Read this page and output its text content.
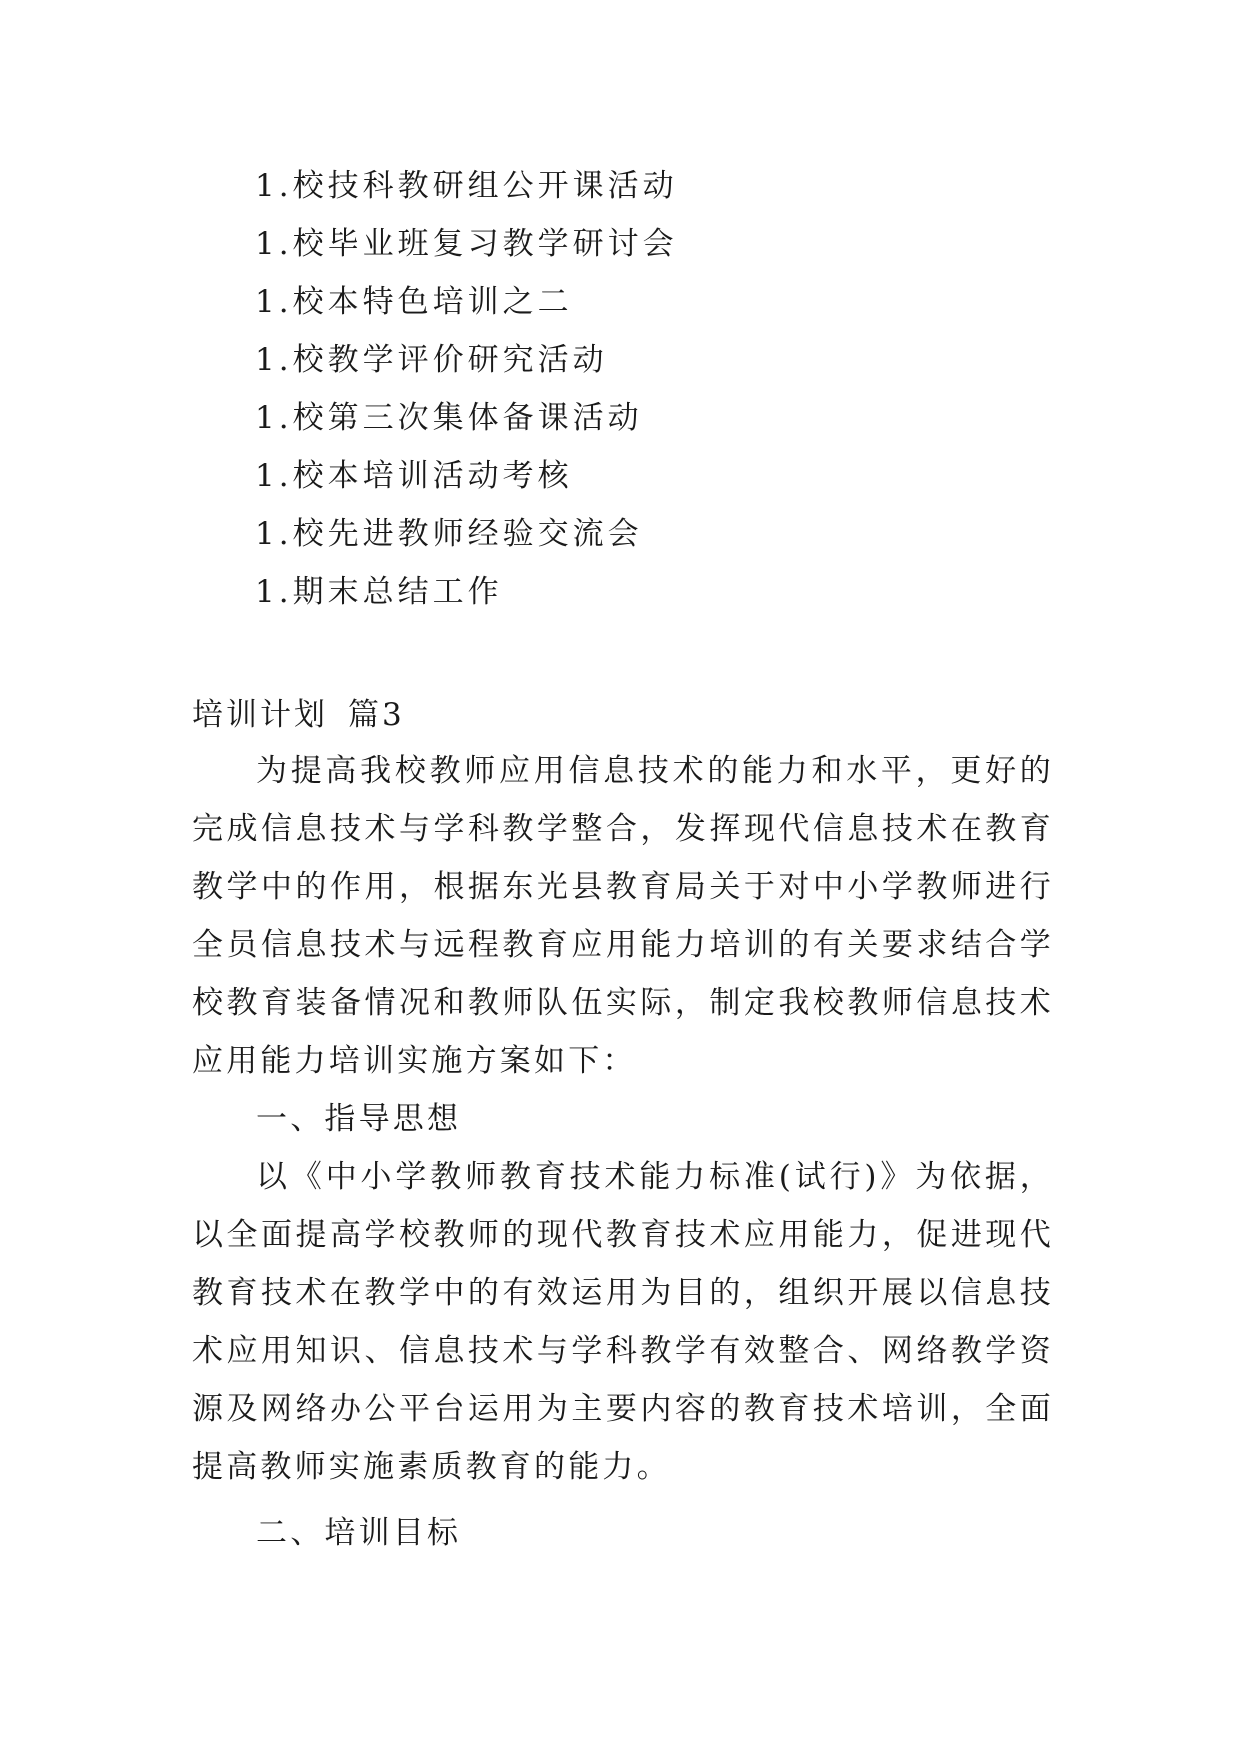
1.校技科教研组公开课活动
1.校毕业班复习教学研讨会
1.校本特色培训之二
1.校教学评价研究活动
1.校第三次集体备课活动
1.校本培训活动考核
1.校先进教师经验交流会
1.期末总结工作
培训计划 篇3

为提高我校教师应用信息技术的能力和水平，更好的完成信息技术与学科教学整合，发挥现代信息技术在教育教学中的作用，根据东光县教育局关于对中小学教师进行全员信息技术与远程教育应用能力培训的有关要求结合学校教育装备情况和教师队伍实际，制定我校教师信息技术应用能力培训实施方案如下：

一、指导思想

以《中小学教师教育技术能力标准(试行)》为依据，以全面提高学校教师的现代教育技术应用能力，促进现代教育技术在教学中的有效运用为目的，组织开展以信息技术应用知识、信息技术与学科教学有效整合、网络教学资源及网络办公平台运用为主要内容的教育技术培训，全面提高教师实施素质教育的能力。

二、培训目标
